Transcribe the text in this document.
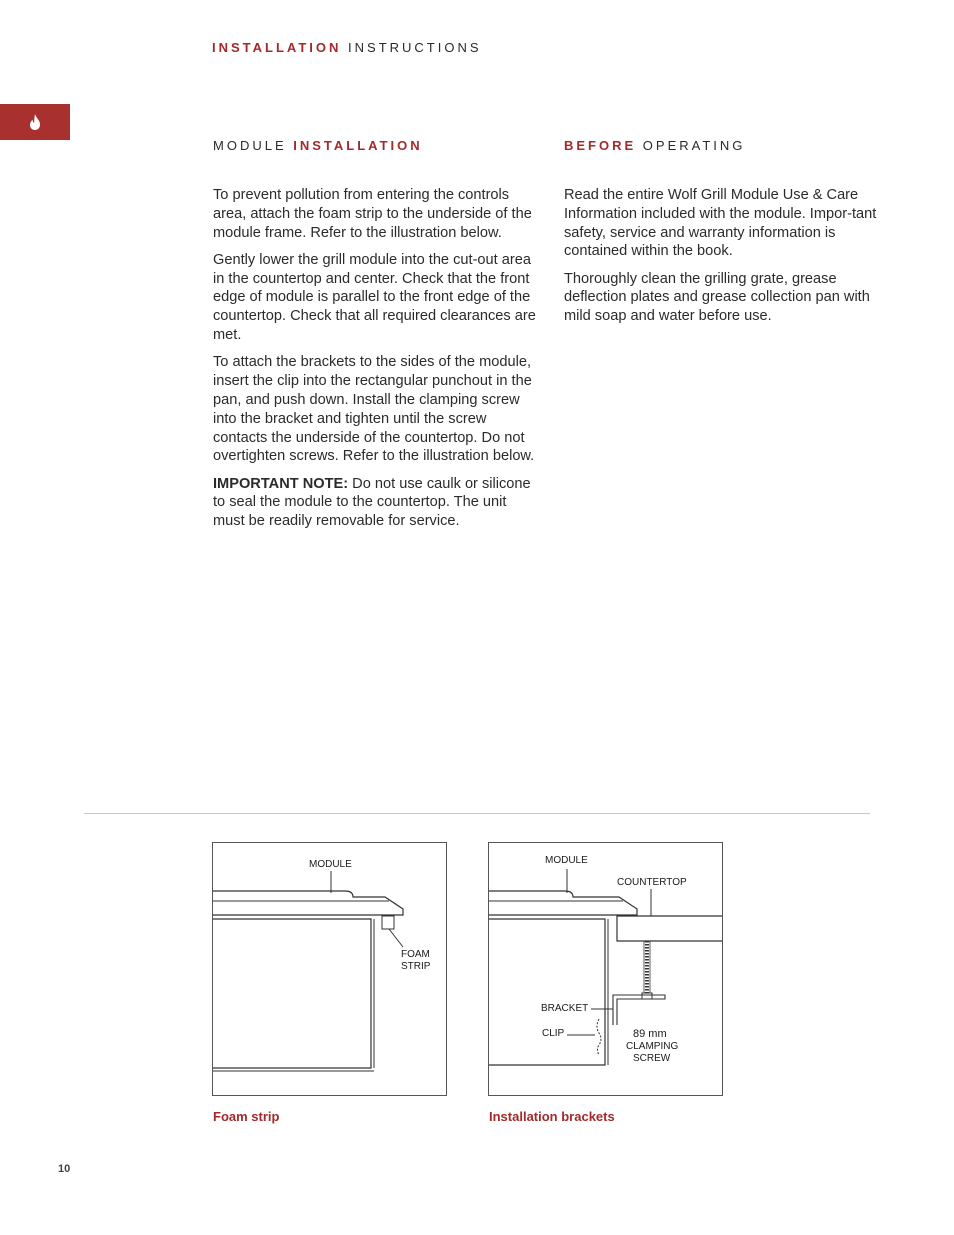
INSTALLATION INSTRUCTIONS
MODULE INSTALLATION	BEFORE OPERATING

To prevent pollution from entering the controls area, attach the foam strip to the underside of the module frame. Refer to the illustration below.

Gently lower the grill module into the cut-out area in the countertop and center. Check that the front edge of module is parallel to the front edge of the countertop. Check that all required clearances are met.

To attach the brackets to the sides of the module, insert the clip into the rectangular punchout in the pan, and push down. Install the clamping screw into the bracket and tighten until the screw contacts the underside of the countertop. Do not overtighten screws. Refer to the illustration below.

IMPORTANT NOTE: Do not use caulk or silicone to seal the module to the countertop. The unit must be readily removable for service.

Read the entire Wolf Grill Module Use & Care Information included with the module. Impor-tant safety, service and warranty information is contained within the book.

Thoroughly clean the grilling grate, grease deflection plates and grease collection pan with mild soap and water before use.

MODULE
FOAM
STRIP
MODULE
COUNTERTOP
BRACKET
CLIP	89 mm
CLAMPING
SCREW
Foam strip	Installation brackets
10
